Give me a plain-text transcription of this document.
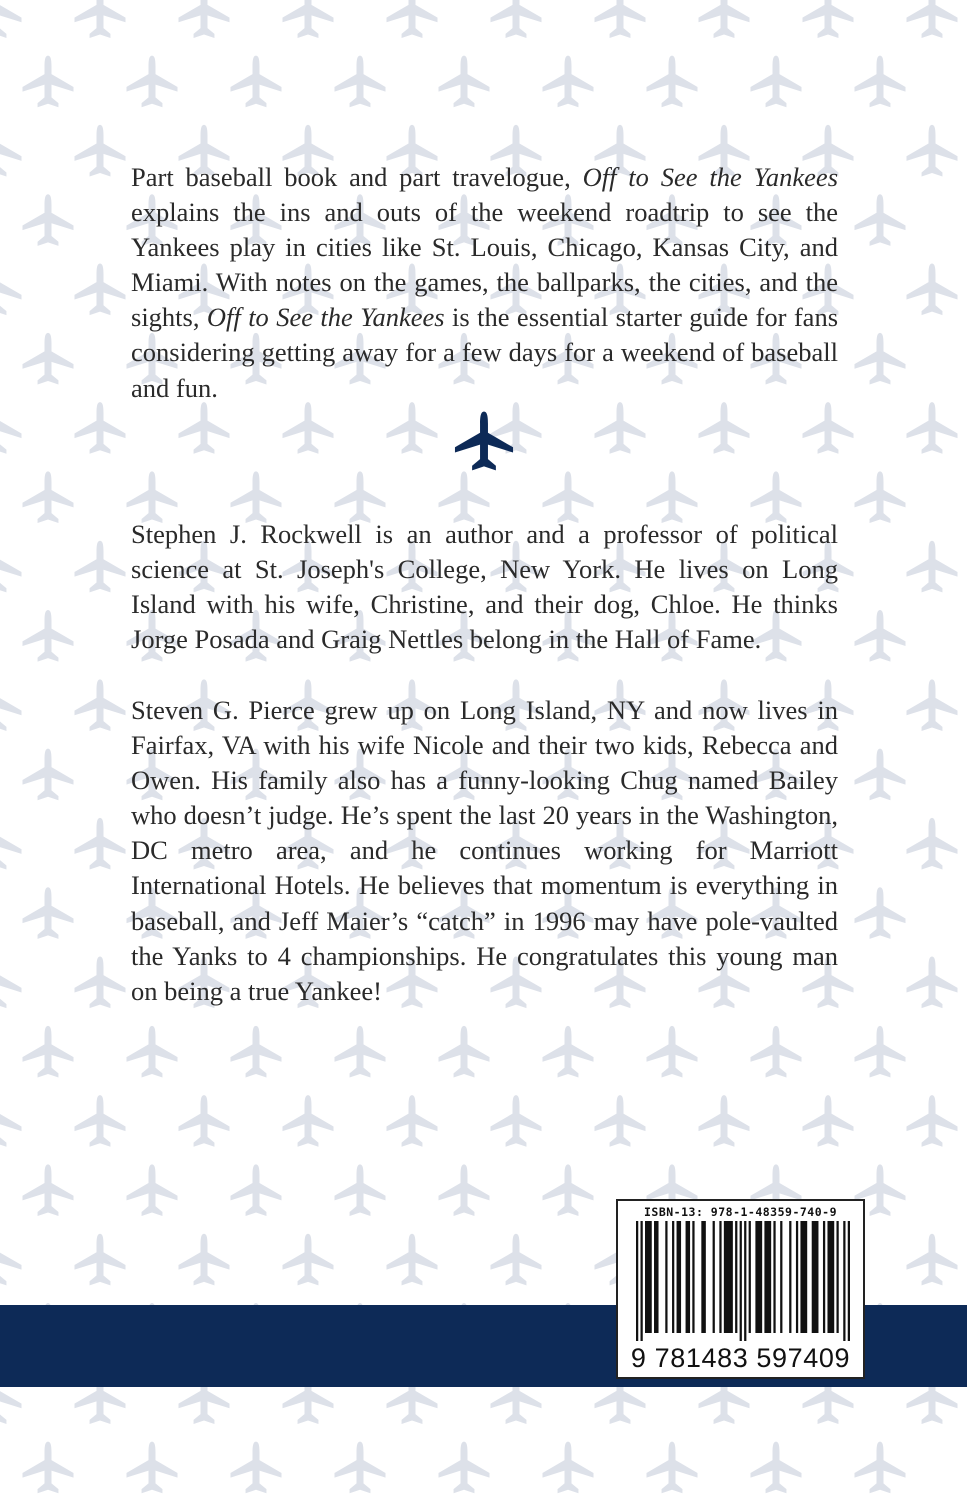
Part baseball book and part travelogue, Off to See the Yankees explains the ins and outs of the weekend roadtrip to see the Yankees play in cities like St. Louis, Chicago, Kansas City, and Miami. With notes on the games, the ballparks, the cities, and the sights, Off to See the Yankees is the essential starter guide for fans considering getting away for a few days for a weekend of baseball and fun.

Stephen J. Rockwell is an author and a professor of political science at St. Joseph's College, New York. He lives on Long Island with his wife, Christine, and their dog, Chloe. He thinks Jorge Posada and Graig Nettles belong in the Hall of Fame.

Steven G. Pierce grew up on Long Island, NY and now lives in Fairfax, VA with his wife Nicole and their two kids, Rebecca and Owen. His family also has a funny-looking Chug named Bailey who doesn’t judge. He’s spent the last 20 years in the Washington, DC metro area, and he continues working for Marriott International Hotels. He believes that momentum is everything in baseball, and Jeff Maier’s “catch” in 1996 may have pole-vaulted the Yanks to 4 championships. He congratulates this young man on being a true Yankee!

ISBN-13: 978-1-48359-740-9
9 781483 597409
